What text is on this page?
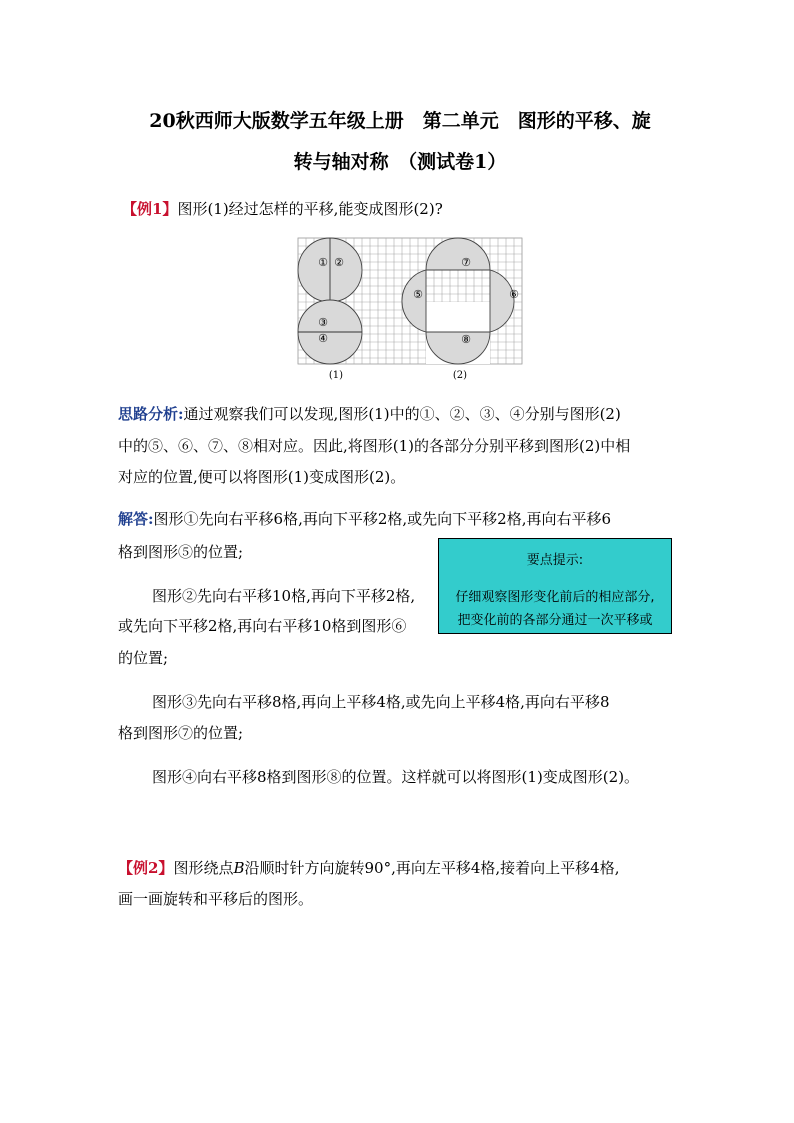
20秋西师大版数学五年级上册　第二单元　图形的平移、旋
转与轴对称　（测试卷1）
【例1】图形(1)经过怎样的平移,能变成图形(2)?
① ②
③
④
⑦
⑤	⑥
⑧
(1)	(2)
思路分析:通过观察我们可以发现,图形(1)中的①、②、③、④分别与图形(2)
中的⑤、⑥、⑦、⑧相对应。因此,将图形(1)的各部分分别平移到图形(2)中相
对应的位置,便可以将图形(1)变成图形(2)。
解答:图形①先向右平移6格,再向下平移2格,或先向下平移2格,再向右平移6
格到图形⑤的位置;
图形②先向右平移10格,再向下平移2格,
或先向下平移2格,再向右平移10格到图形⑥
的位置;
图形③先向右平移8格,再向上平移4格,或先向上平移4格,再向右平移8
格到图形⑦的位置;
图形④向右平移8格到图形⑧的位置。这样就可以将图形(1)变成图形(2)。
要点提示:
仔细观察图形变化前后的相应部分,
把变化前的各部分通过一次平移或
【例2】图形绕点B沿顺时针方向旋转90°,再向左平移4格,接着向上平移4格,
画一画旋转和平移后的图形。
